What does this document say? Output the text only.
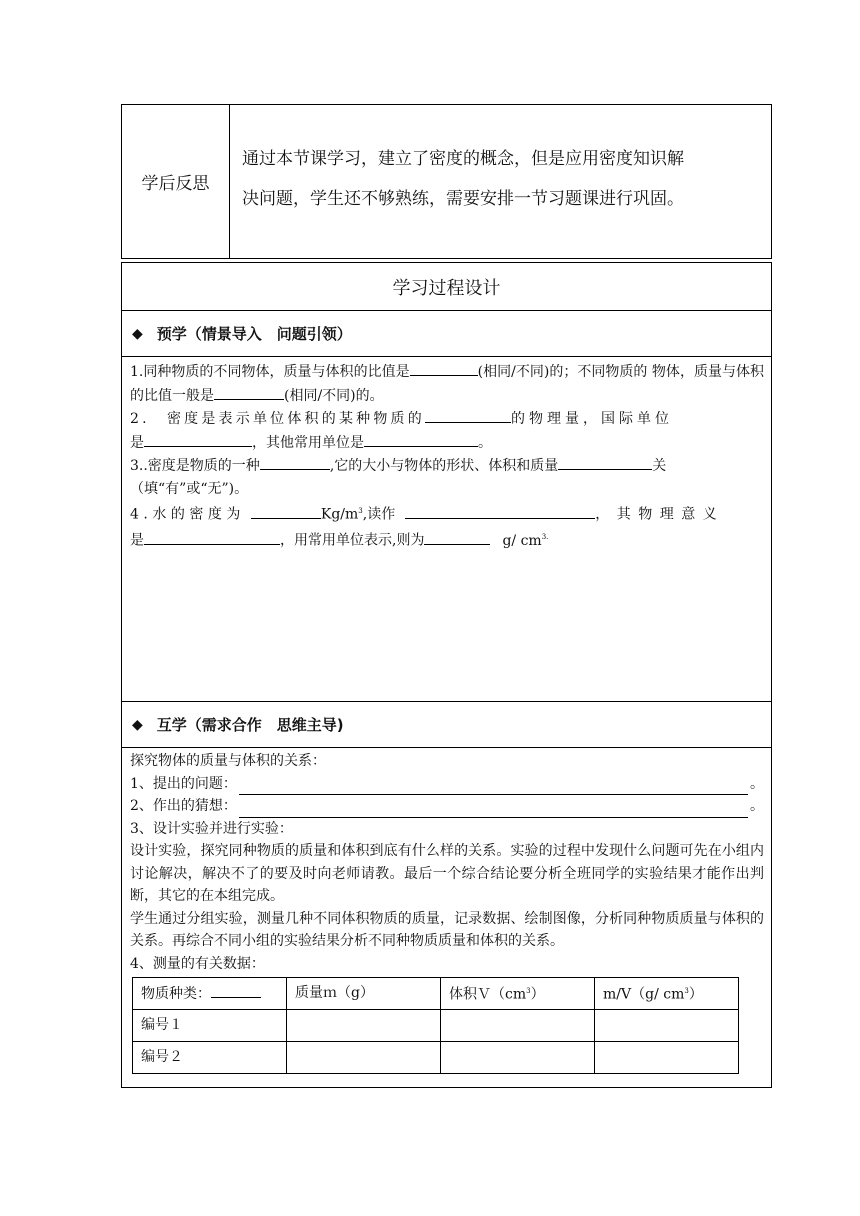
学后反思
通过本节课学习，建立了密度的概念，但是应用密度知识解
决问题，学生还不够熟练，需要安排一节习题课进行巩固。
学习过程设计
◆ 预学（情景导入　问题引领）

1.同种物质的不同物体，质量与体积的比值是	(相同/不同)的；不同物质的 物体，质量与体积的比值一般是	(相同/不同)的。

2.　密度是表示单位体积的某种物质的	的物理量，国际单位
是	，其他常用单位是	。

3..密度是物质的一种	,它的大小与物体的形状、体积和质量	关
（填“有”或“无”)。

4.水的密度为	$Kg/m^3$,读作	，其物理意义
是	，用常用单位表示,则为	g/ $cm^{3.}$

◆ 互学（需求合作　思维主导)

探究物体的质量与体积的关系：

1、提出的问题：	。
2、作出的猜想：	。

3、设计实验并进行实验：

设计实验，探究同种物质的质量和体积到底有什么样的关系。实验的过程中发现什么问题可先在小组内讨论解决，解决不了的要及时向老师请教。最后一个综合结论要分析全班同学的实验结果才能作出判断，其它的在本组完成。

学生通过分组实验，测量几种不同体积物质的质量，记录数据、绘制图像，分析同种物质质量与体积的关系。再综合不同小组的实验结果分析不同种物质质量和体积的关系。

4、测量的有关数据：

物质种类：	质量ｍ（g）	体积$V(cm^3)$	m/V（g/ $cm^3$）
编号１			
编号２			
